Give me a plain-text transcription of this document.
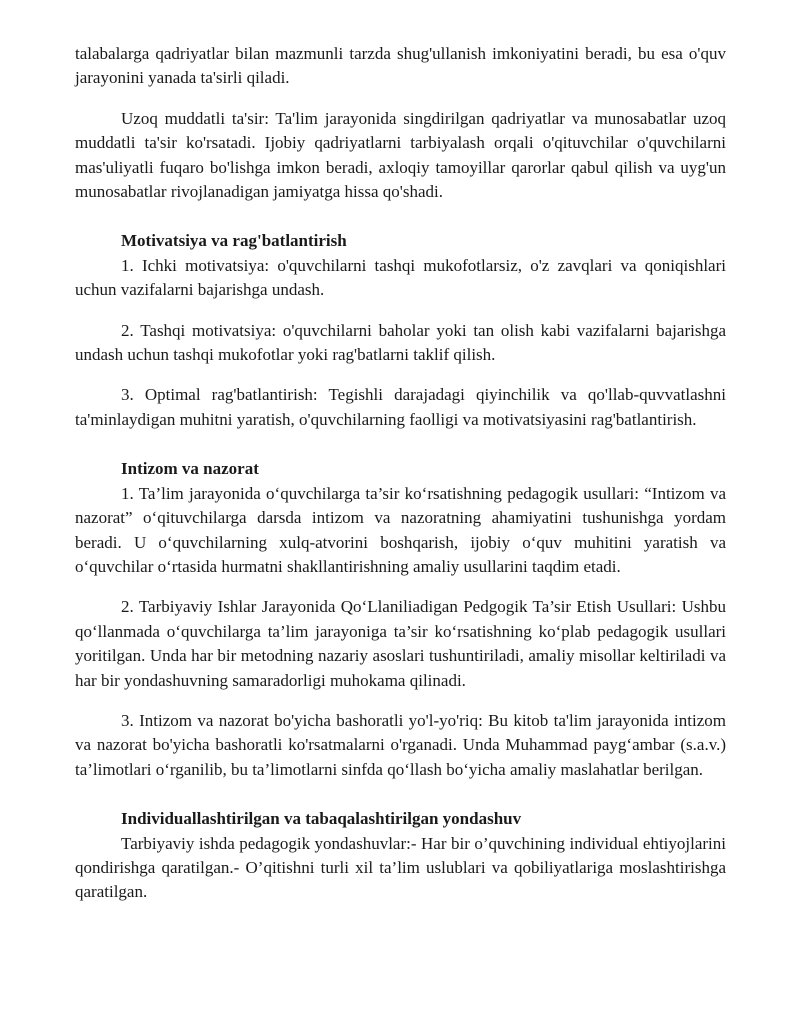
talabalarga qadriyatlar bilan mazmunli tarzda shug'ullanish imkoniyatini beradi, bu esa o'quv jarayonini yanada ta'sirli qiladi.

Uzoq muddatli ta'sir: Ta'lim jarayonida singdirilgan qadriyatlar va munosabatlar uzoq muddatli ta'sir ko'rsatadi. Ijobiy qadriyatlarni tarbiyalash orqali o'qituvchilar o'quvchilarni mas'uliyatli fuqaro bo'lishga imkon beradi, axloqiy tamoyillar qarorlar qabul qilish va uyg'un munosabatlar rivojlanadigan jamiyatga hissa qo'shadi.

Motivatsiya va rag'batlantirish

1. Ichki motivatsiya: o'quvchilarni tashqi mukofotlarsiz, o'z zavqlari va qoniqishlari uchun vazifalarni bajarishga undash.

2. Tashqi motivatsiya: o'quvchilarni baholar yoki tan olish kabi vazifalarni bajarishga undash uchun tashqi mukofotlar yoki rag'batlarni taklif qilish.

3. Optimal rag'batlantirish: Tegishli darajadagi qiyinchilik va qo'llab-quvvatlashni ta'minlaydigan muhitni yaratish, o'quvchilarning faolligi va motivatsiyasini rag'batlantirish.

Intizom va nazorat

1. Ta’lim jarayonida o‘quvchilarga ta’sir ko‘rsatishning pedagogik usullari: “Intizom va nazorat” o‘qituvchilarga darsda intizom va nazoratning ahamiyatini tushunishga yordam beradi. U o‘quvchilarning xulq-atvorini boshqarish, ijobiy o‘quv muhitini yaratish va o‘quvchilar o‘rtasida hurmatni shakllantirishning amaliy usullarini taqdim etadi.

2. Tarbiyaviy Ishlar Jarayonida Qo‘Llaniliadigan Pedgogik Ta’sir Etish Usullari: Ushbu qo‘llanmada o‘quvchilarga ta’lim jarayoniga ta’sir ko‘rsatishning ko‘plab pedagogik usullari yoritilgan. Unda har bir metodning nazariy asoslari tushuntiriladi, amaliy misollar keltiriladi va har bir yondashuvning samaradorligi muhokama qilinadi.

3. Intizom va nazorat bo'yicha bashoratli yo'l-yo'riq: Bu kitob ta'lim jarayonida intizom va nazorat bo'yicha bashoratli ko'rsatmalarni o'rganadi. Unda Muhammad payg‘ambar (s.a.v.) ta’limotlari o‘rganilib, bu ta’limotlarni sinfda qo‘llash bo‘yicha amaliy maslahatlar berilgan.

Individuallashtirilgan va tabaqalashtirilgan yondashuv

Tarbiyaviy ishda pedagogik yondashuvlar:- Har bir o’quvchining individual ehtiyojlarini qondirishga qaratilgan.- O’qitishni turli xil ta’lim uslublari va qobiliyatlariga moslashtirishga qaratilgan.
